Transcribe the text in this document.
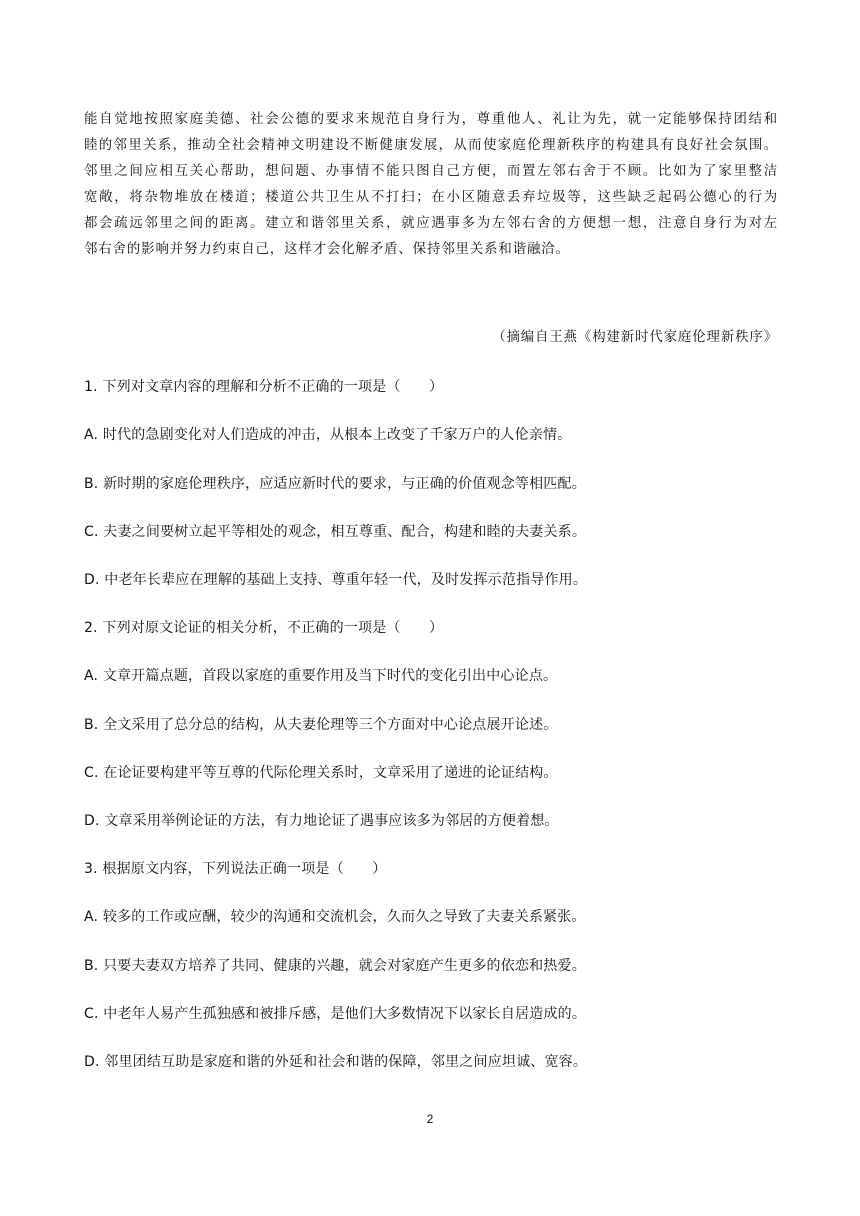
能自觉地按照家庭美德、社会公德的要求来规范自身行为，尊重他人、礼让为先，就一定能够保持团结和
睦的邻里关系，推动全社会精神文明建设不断健康发展，从而使家庭伦理新秩序的构建具有良好社会氛围。
邻里之间应相互关心帮助，想问题、办事情不能只图自己方便，而置左邻右舍于不顾。比如为了家里整洁
宽敞，将杂物堆放在楼道；楼道公共卫生从不打扫；在小区随意丢弃垃圾等，这些缺乏起码公德心的行为
都会疏远邻里之间的距离。建立和谐邻里关系，就应遇事多为左邻右舍的方便想一想，注意自身行为对左
邻右舍的影响并努力约束自己，这样才会化解矛盾、保持邻里关系和谐融洽。
（摘编自王燕《构建新时代家庭伦理新秩序》
1. 下列对文章内容的理解和分析不正确的一项是（　　）
A. 时代的急剧变化对人们造成的冲击，从根本上改变了千家万户的人伦亲情。
B. 新时期的家庭伦理秩序，应适应新时代的要求，与正确的价值观念等相匹配。
C. 夫妻之间要树立起平等相处的观念，相互尊重、配合，构建和睦的夫妻关系。
D. 中老年长辈应在理解的基础上支持、尊重年轻一代，及时发挥示范指导作用。
2. 下列对原文论证的相关分析，不正确的一项是（　　）
A. 文章开篇点题，首段以家庭的重要作用及当下时代的变化引出中心论点。
B. 全文采用了总分总的结构，从夫妻伦理等三个方面对中心论点展开论述。
C. 在论证要构建平等互尊的代际伦理关系时，文章采用了递进的论证结构。
D. 文章采用举例论证的方法，有力地论证了遇事应该多为邻居的方便着想。
3. 根据原文内容，下列说法正确一项是（　　）
A. 较多的工作或应酬，较少的沟通和交流机会，久而久之导致了夫妻关系紧张。
B. 只要夫妻双方培养了共同、健康的兴趣，就会对家庭产生更多的依恋和热爱。
C. 中老年人易产生孤独感和被排斥感，是他们大多数情况下以家长自居造成的。
D. 邻里团结互助是家庭和谐的外延和社会和谐的保障，邻里之间应坦诚、宽容。
2
